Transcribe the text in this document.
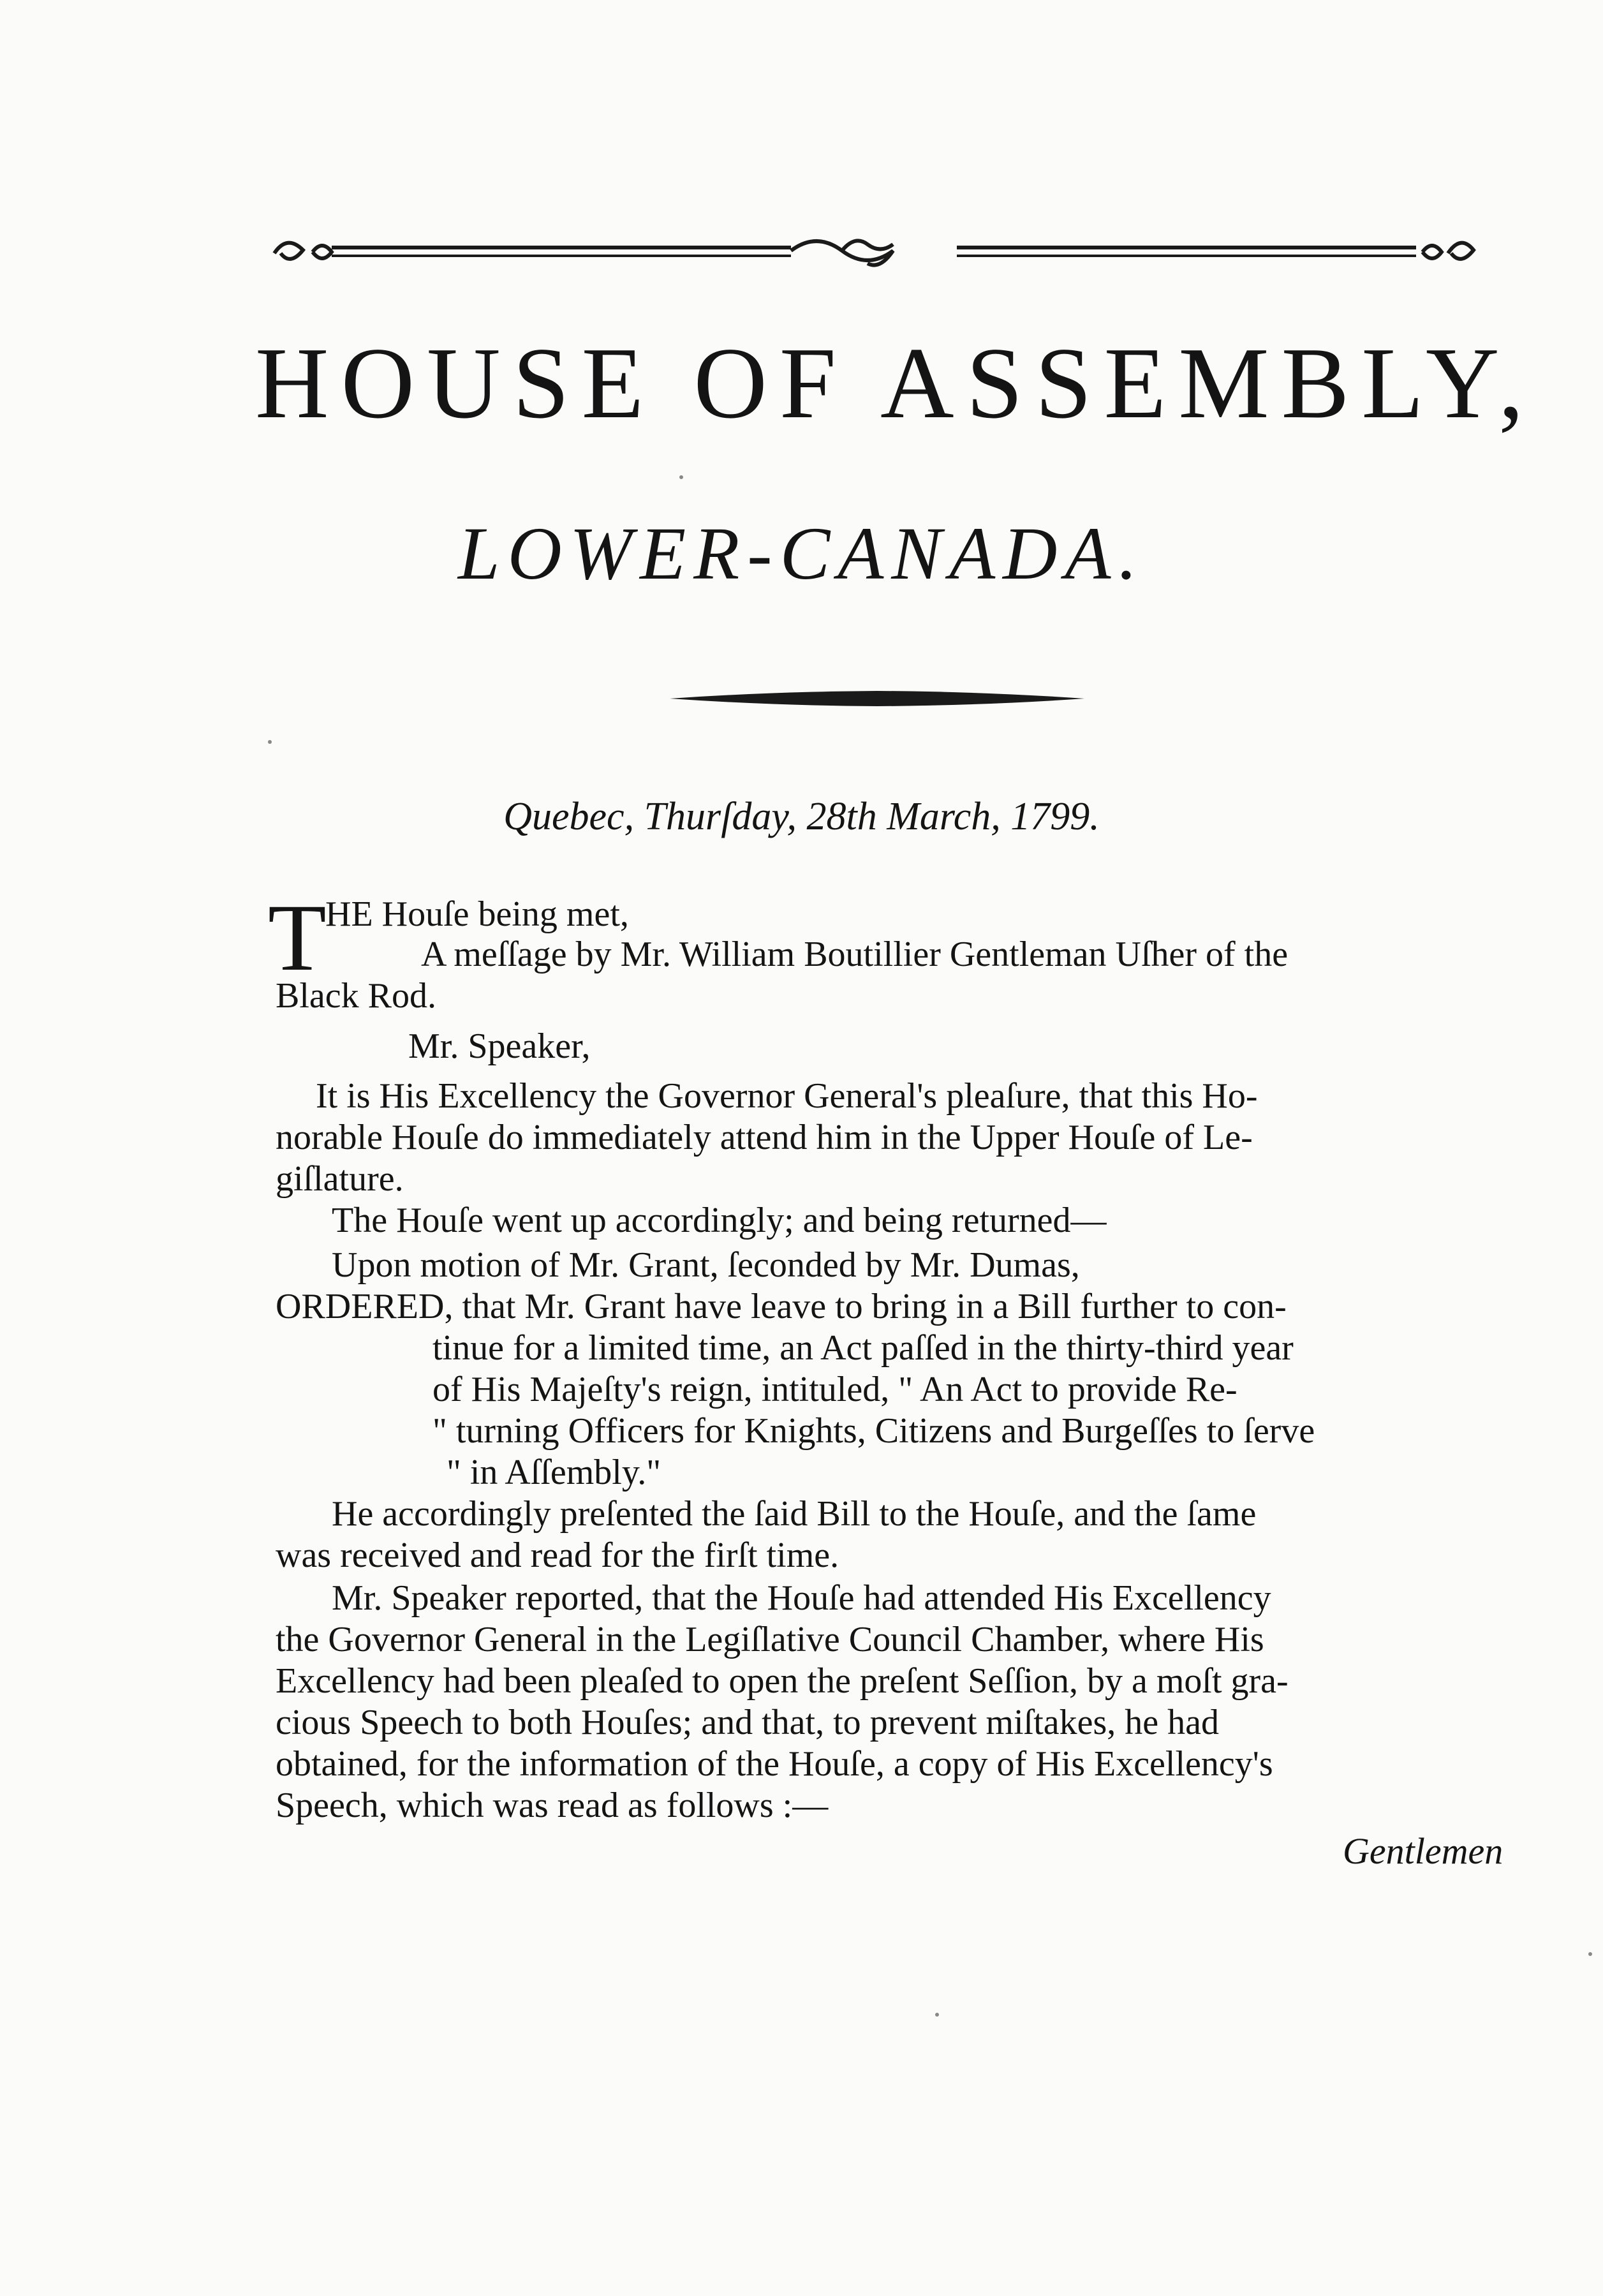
HOUSE OF ASSEMBLY,
LOWER-CANADA.
Quebec, Thurſday, 28th March, 1799.
T
HE Houſe being met,
A meſſage by Mr. William Boutillier Gentleman Uſher of the
Black Rod.
Mr. Speaker,
It is His Excellency the Governor General's pleaſure, that this Ho-
norable Houſe do immediately attend him in the Upper Houſe of Le-
giſlature.
The Houſe went up accordingly; and being returned—
Upon motion of Mr. Grant, ſeconded by Mr. Dumas,
ORDERED, that Mr. Grant have leave to bring in a Bill further to con-
tinue for a limited time, an Act paſſed in the thirty-third year
of His Majeſty's reign, intituled, " An Act to provide Re-
" turning Officers for Knights, Citizens and Burgeſſes to ſerve
" in Aſſembly."
He accordingly preſented the ſaid Bill to the Houſe, and the ſame
was received and read for the firſt time.
Mr. Speaker reported, that the Houſe had attended His Excellency
the Governor General in the Legiſlative Council Chamber, where His
Excellency had been pleaſed to open the preſent Seſſion, by a moſt gra-
cious Speech to both Houſes; and that, to prevent miſtakes, he had
obtained, for the information of the Houſe, a copy of His Excellency's
Speech, which was read as follows :—
Gentlemen
